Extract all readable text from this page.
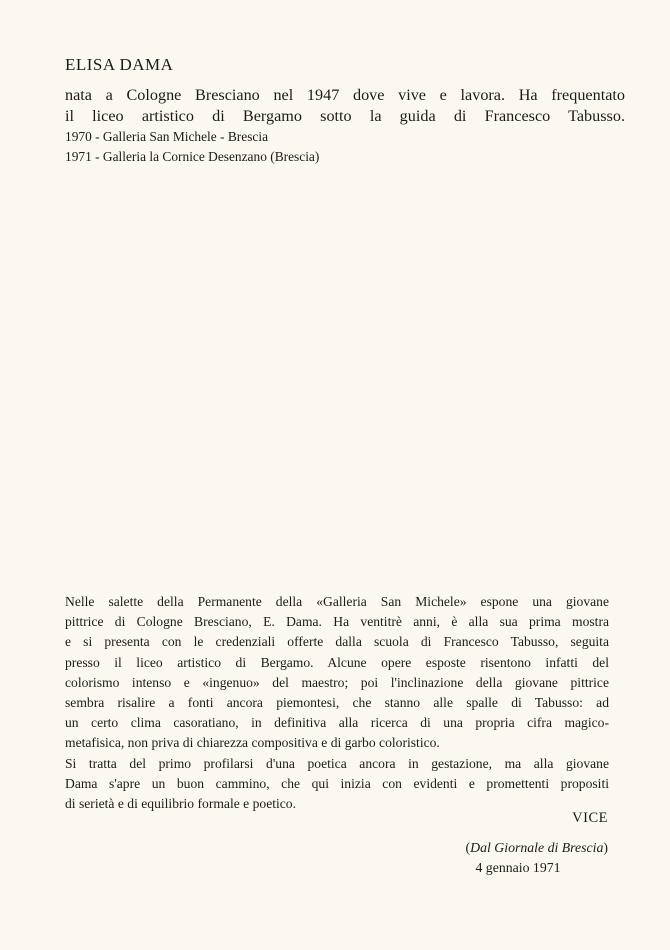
ELISA DAMA

nata a Cologne Bresciano nel 1947 dove vive e lavora. Ha frequentato

il liceo artistico di Bergamo sotto la guida di Francesco Tabusso.

1970 - Galleria San Michele - Brescia

1971 - Galleria la Cornice Desenzano (Brescia)

Nelle salette della Permanente della «Galleria San Michele» espone una giovane

pittrice di Cologne Bresciano, E. Dama. Ha ventitrè anni, è alla sua prima mostra

e si presenta con le credenziali offerte dalla scuola di Francesco Tabusso, seguita

presso il liceo artistico di Bergamo. Alcune opere esposte risentono infatti del

colorismo intenso e «ingenuo» del maestro; poi l'inclinazione della giovane pittrice

sembra risalire a fonti ancora piemontesi, che stanno alle spalle di Tabusso: ad

un certo clima casoratiano, in definitiva alla ricerca di una propria cifra magico-

metafisica, non priva di chiarezza compositiva e di garbo coloristico.

Si tratta del primo profilarsi d'una poetica ancora in gestazione, ma alla giovane

Dama s'apre un buon cammino, che qui inizia con evidenti e promettenti propositi

di serietà e di equilibrio formale e poetico.

VICE
(Dal Giornale di Brescia)
4 gennaio 1971
